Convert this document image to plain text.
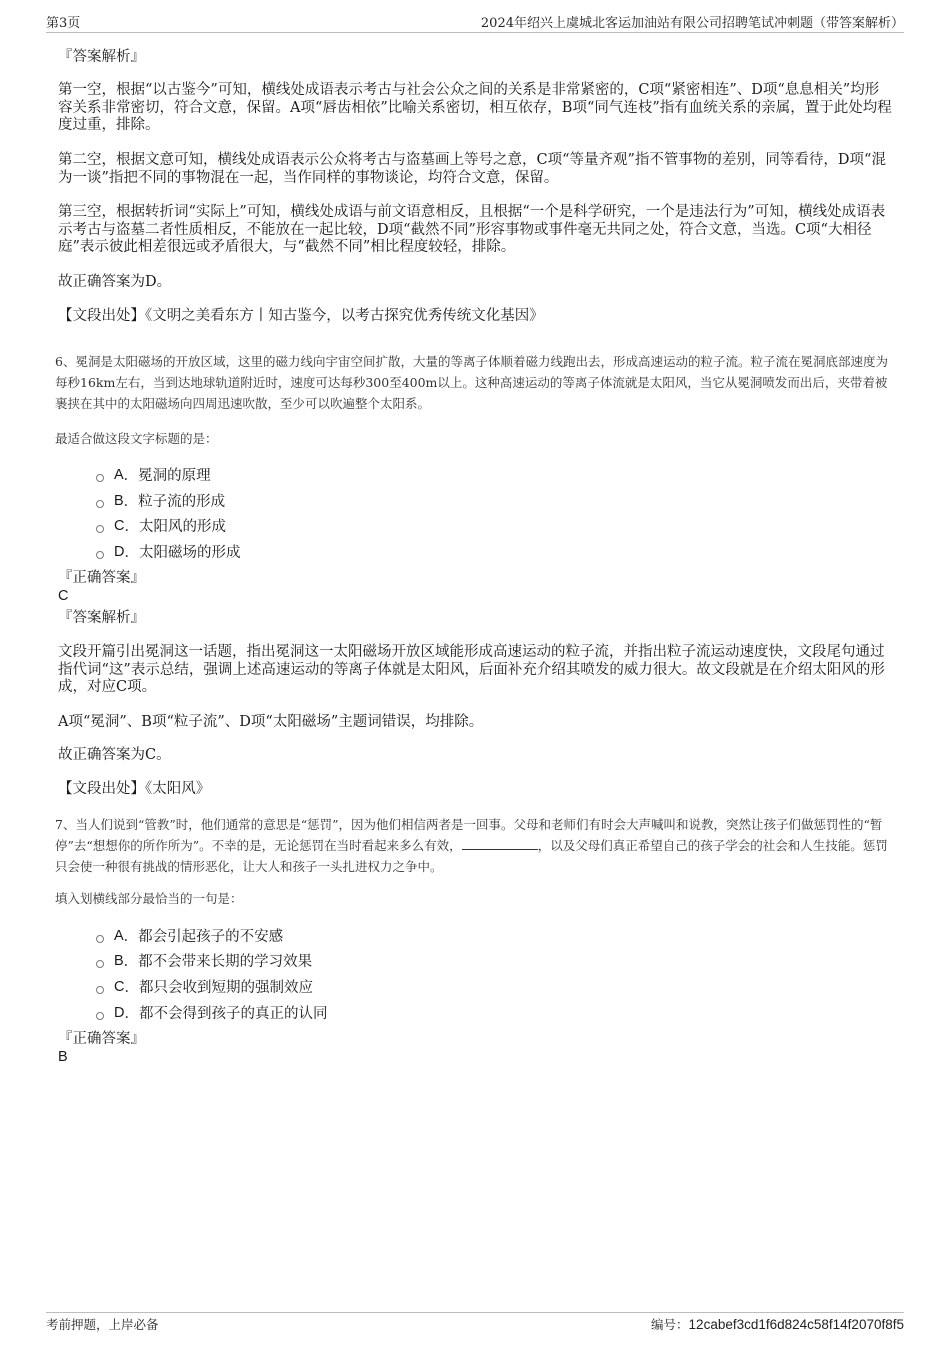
第3页	2024年绍兴上虞城北客运加油站有限公司招聘笔试冲刺题（带答案解析）
『答案解析』
第一空，根据“以古鉴今”可知，横线处成语表示考古与社会公众之间的关系是非常紧密的，C项“紧密相连”、D项“息息相关”均形容关系非常密切，符合文意，保留。A项“唇齿相依”比喻关系密切，相互依存，B项“同气连枝”指有血统关系的亲属，置于此处均程度过重，排除。
第二空，根据文意可知，横线处成语表示公众将考古与盗墓画上等号之意，C项“等量齐观”指不管事物的差别，同等看待，D项“混为一谈”指把不同的事物混在一起，当作同样的事物谈论，均符合文意，保留。
第三空，根据转折词“实际上”可知，横线处成语与前文语意相反，且根据“一个是科学研究，一个是违法行为”可知，横线处成语表示考古与盗墓二者性质相反，不能放在一起比较，D项“截然不同”形容事物或事件毫无共同之处，符合文意，当选。C项“大相径庭”表示彼此相差很远或矛盾很大，与“截然不同”相比程度较轻，排除。
故正确答案为D。
【文段出处】《文明之美看东方丨知古鉴今，以考古探究优秀传统文化基因》
6、冕洞是太阳磁场的开放区域，这里的磁力线向宇宙空间扩散，大量的等离子体顺着磁力线跑出去，形成高速运动的粒子流。粒子流在冕洞底部速度为每秒16km左右，当到达地球轨道附近时，速度可达每秒300至400m以上。这种高速运动的等离子体流就是太阳风，当它从冕洞喷发而出后，夹带着被裹挟在其中的太阳磁场向四周迅速吹散，至少可以吹遍整个太阳系。
最适合做这段文字标题的是：
A ． 冕洞的原理
B ． 粒子流的形成
C ． 太阳风的形成
D ． 太阳磁场的形成
『正确答案』
C
『答案解析』
文段开篇引出冕洞这一话题，指出冕洞这一太阳磁场开放区域能形成高速运动的粒子流，并指出粒子流运动速度快，文段尾句通过指代词“这”表示总结，强调上述高速运动的等离子体就是太阳风，后面补充介绍其喷发的威力很大。故文段就是在介绍太阳风的形成，对应C项。
A项“冕洞”、B项“粒子流”、D项“太阳磁场”主题词错误，均排除。
故正确答案为C。
【文段出处】《太阳风》
7、当人们说到“管教”时，他们通常的意思是“惩罚”，因为他们相信两者是一回事。父母和老师们有时会大声喊叫和说教，突然让孩子们做惩罚性的“暂停”去“想想你的所作所为”。不幸的是，无论惩罚在当时看起来多么有效，	，以及父母们真正希望自己的孩子学会的社会和人生技能。惩罚只会使一种很有挑战的情形恶化，让大人和孩子一头扎进权力之争中。
填入划横线部分最恰当的一句是：
A ． 都会引起孩子的不安感
B ． 都不会带来长期的学习效果
C ． 都只会收到短期的强制效应
D ． 都不会得到孩子的真正的认同
『正确答案』
B
考前押题，上岸必备	编号：12cabef3cd1f6d824c58f14f2070f8f5
